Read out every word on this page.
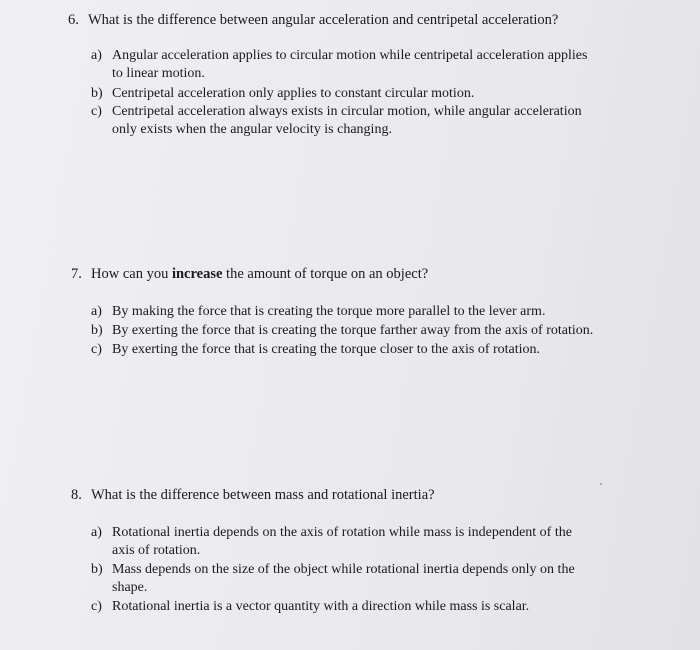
6. What is the difference between angular acceleration and centripetal acceleration?
a) Angular acceleration applies to circular motion while centripetal acceleration applies
to linear motion.
b) Centripetal acceleration only applies to constant circular motion.
c) Centripetal acceleration always exists in circular motion, while angular acceleration
only exists when the angular velocity is changing.
7. How can you increase the amount of torque on an object?
a) By making the force that is creating the torque more parallel to the lever arm.
b) By exerting the force that is creating the torque farther away from the axis of rotation.
c) By exerting the force that is creating the torque closer to the axis of rotation.
8. What is the difference between mass and rotational inertia?
a) Rotational inertia depends on the axis of rotation while mass is independent of the
axis of rotation.
b) Mass depends on the size of the object while rotational inertia depends only on the
shape.
c) Rotational inertia is a vector quantity with a direction while mass is scalar.
